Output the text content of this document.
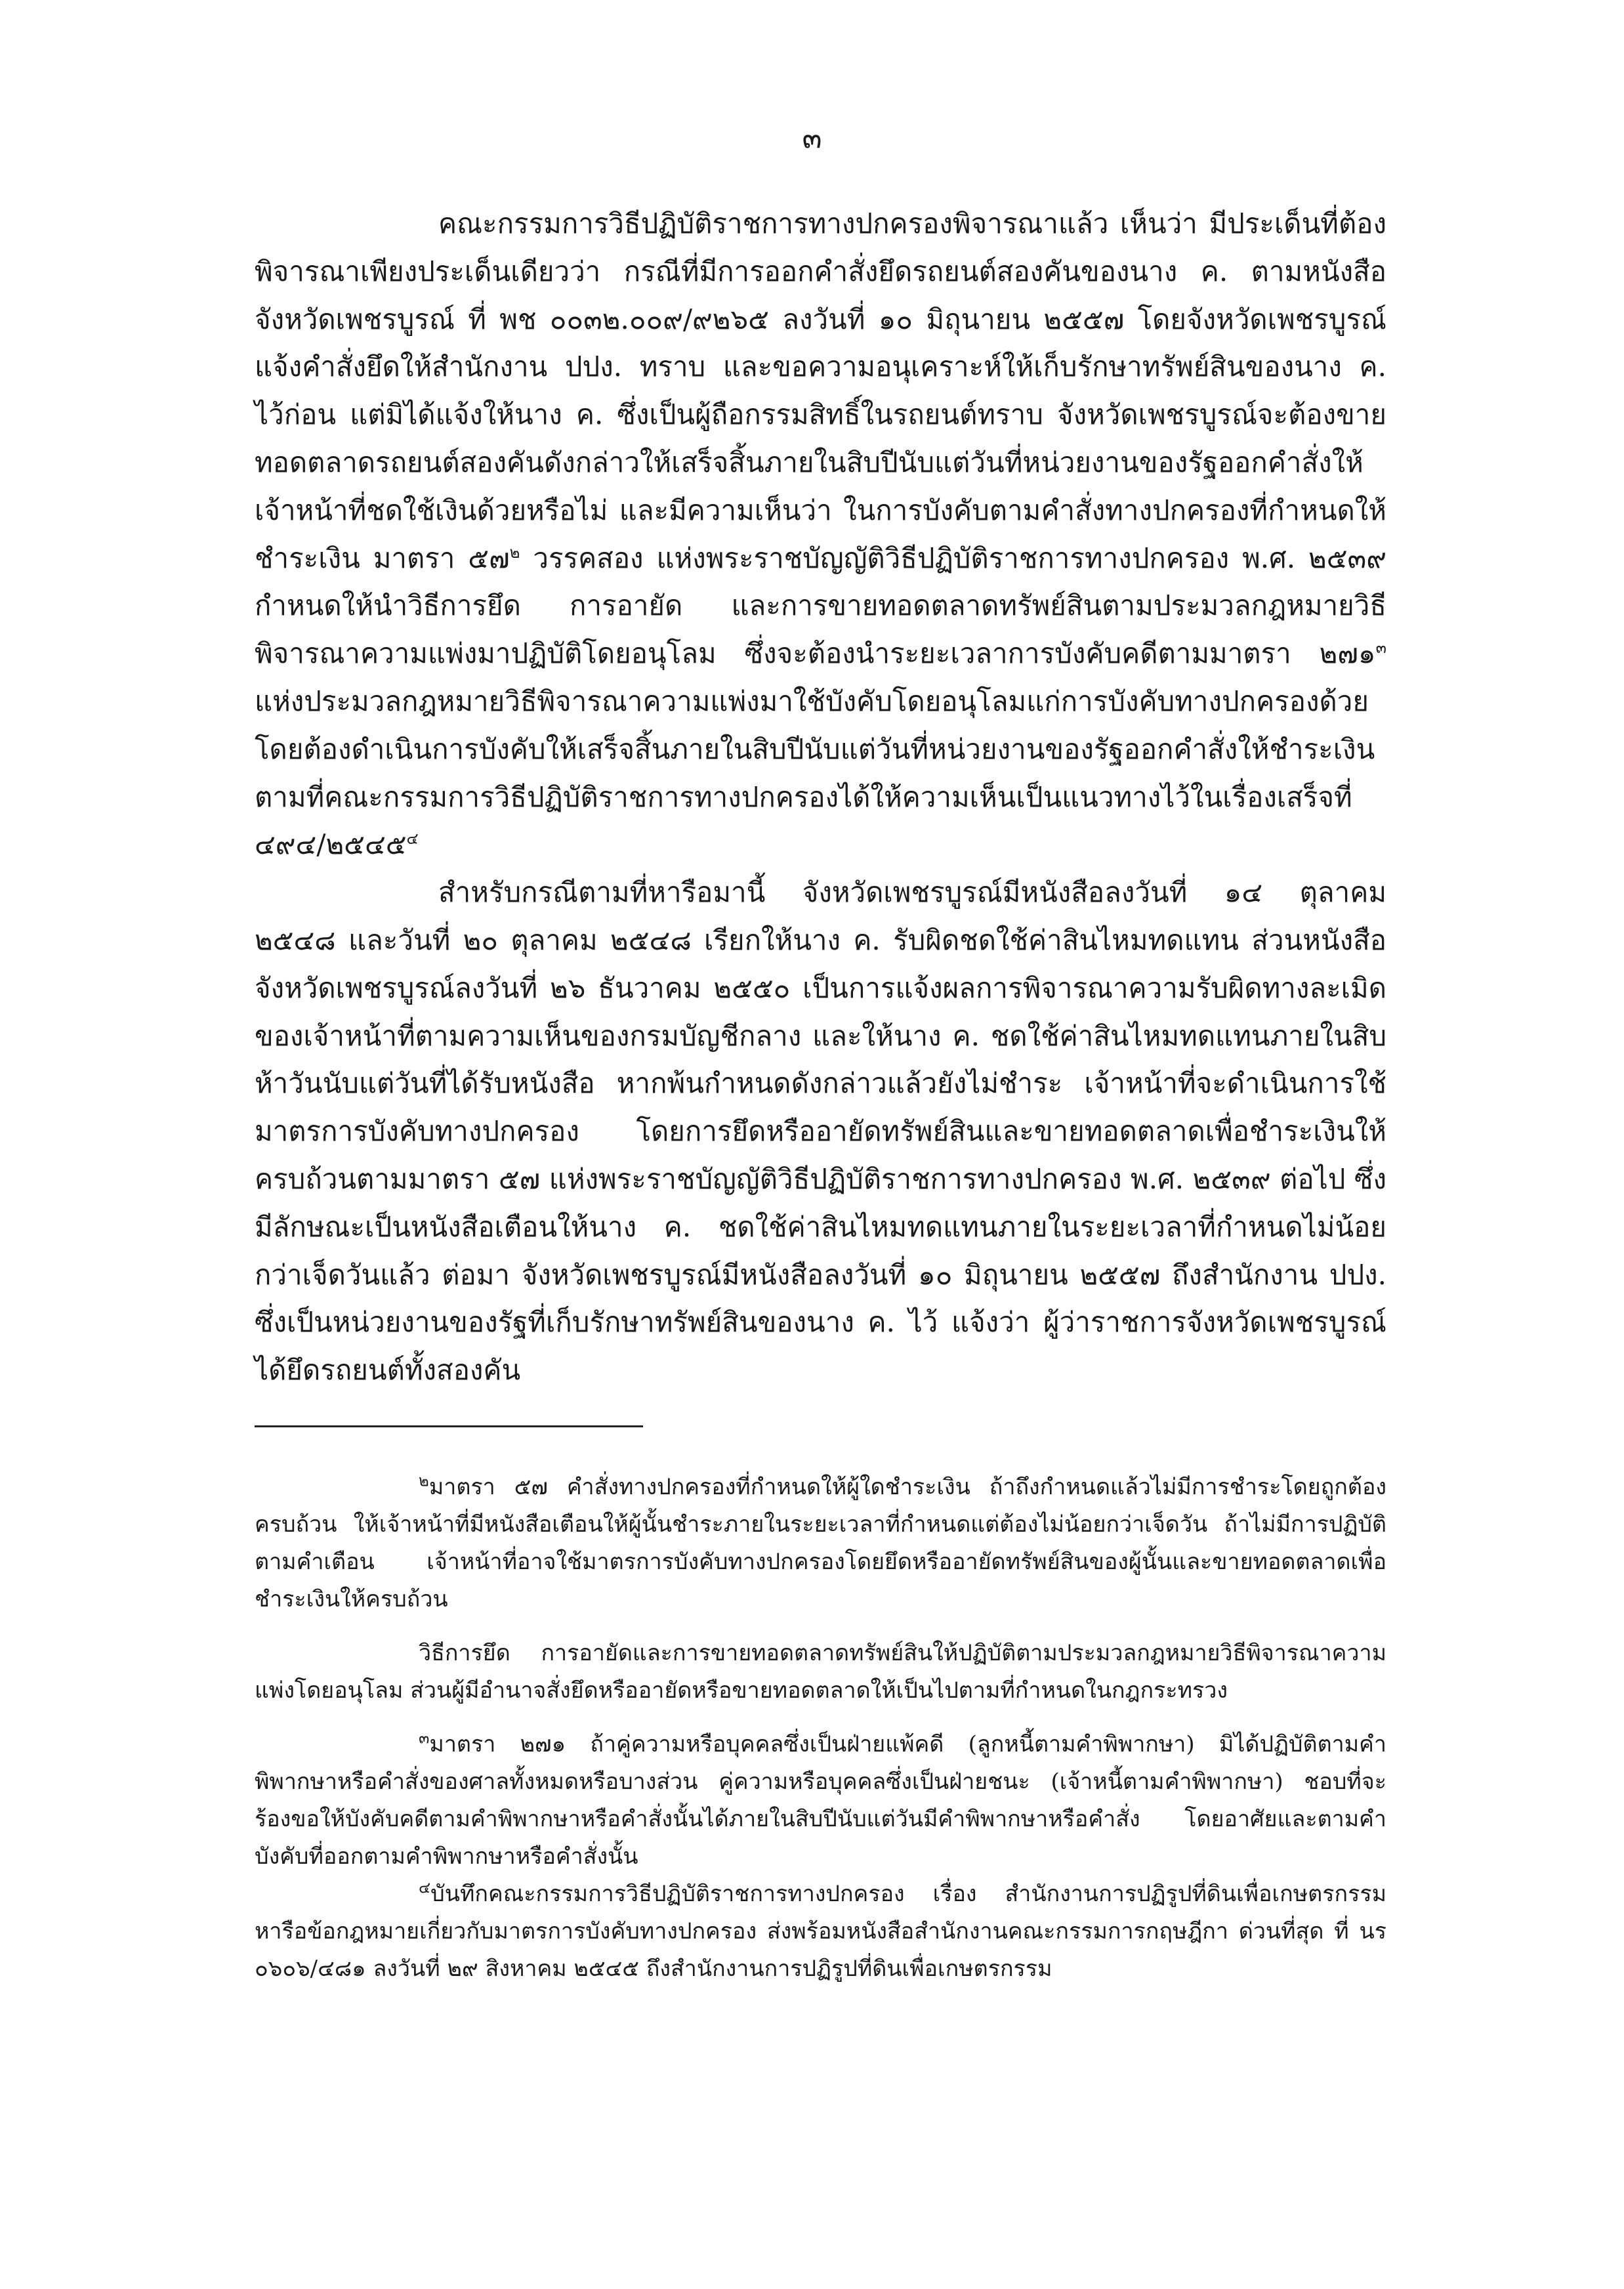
๓

คณะกรรมการวิธีปฏิบัติราชการทางปกครองพิจารณาแล้ว เห็นว่า มีประเด็นที่ต้องพิจารณาเพียงประเด็นเดียวว่า กรณีที่มีการออกคำสั่งยึดรถยนต์สองคันของนาง ค. ตามหนังสือจังหวัดเพชรบูรณ์ ที่ พช ๐๐๓๒.๐๐๙/๙๒๖๕ ลงวันที่ ๑๐ มิถุนายน ๒๕๕๗ โดยจังหวัดเพชรบูรณ์แจ้งคำสั่งยึดให้สำนักงาน ปปง. ทราบ และขอความอนุเคราะห์ให้เก็บรักษาทรัพย์สินของนาง ค. ไว้ก่อน แต่มิได้แจ้งให้นาง ค. ซึ่งเป็นผู้ถือกรรมสิทธิ์ในรถยนต์ทราบ จังหวัดเพชรบูรณ์จะต้องขายทอดตลาดรถยนต์สองคันดังกล่าวให้เสร็จสิ้นภายในสิบปีนับแต่วันที่หน่วยงานของรัฐออกคำสั่งให้เจ้าหน้าที่ชดใช้เงินด้วยหรือไม่ และมีความเห็นว่า ในการบังคับตามคำสั่งทางปกครองที่กำหนดให้ชำระเงิน มาตรา ๕๗$^๒$ วรรคสอง แห่งพระราชบัญญัติวิธีปฏิบัติราชการทางปกครอง พ.ศ. ๒๕๓๙ กำหนดให้นำวิธีการยึด การอายัด และการขายทอดตลาดทรัพย์สินตามประมวลกฎหมายวิธีพิจารณาความแพ่งมาปฏิบัติโดยอนุโลม ซึ่งจะต้องนำระยะเวลาการบังคับคดีตามมาตรา ๒๗๑$^๓$ แห่งประมวลกฎหมายวิธีพิจารณาความแพ่งมาใช้บังคับโดยอนุโลมแก่การบังคับทางปกครองด้วย โดยต้องดำเนินการบังคับให้เสร็จสิ้นภายในสิบปีนับแต่วันที่หน่วยงานของรัฐออกคำสั่งให้ชำระเงิน ตามที่คณะกรรมการวิธีปฏิบัติราชการทางปกครองได้ให้ความเห็นเป็นแนวทางไว้ในเรื่องเสร็จที่ ๔๙๔/๒๕๔๕$^๔$

สำหรับกรณีตามที่หารือมานี้ จังหวัดเพชรบูรณ์มีหนังสือลงวันที่ ๑๔ ตุลาคม ๒๕๔๘ และวันที่ ๒๐ ตุลาคม ๒๕๔๘ เรียกให้นาง ค. รับผิดชดใช้ค่าสินไหมทดแทน ส่วนหนังสือจังหวัดเพชรบูรณ์ลงวันที่ ๒๖ ธันวาคม ๒๕๕๐ เป็นการแจ้งผลการพิจารณาความรับผิดทางละเมิดของเจ้าหน้าที่ตามความเห็นของกรมบัญชีกลาง และให้นาง ค. ชดใช้ค่าสินไหมทดแทนภายในสิบห้าวันนับแต่วันที่ได้รับหนังสือ หากพ้นกำหนดดังกล่าวแล้วยังไม่ชำระ เจ้าหน้าที่จะดำเนินการใช้มาตรการบังคับทางปกครอง โดยการยึดหรืออายัดทรัพย์สินและขายทอดตลาดเพื่อชำระเงินให้ครบถ้วนตามมาตรา ๕๗ แห่งพระราชบัญญัติวิธีปฏิบัติราชการทางปกครอง พ.ศ. ๒๕๓๙ ต่อไป ซึ่งมีลักษณะเป็นหนังสือเตือนให้นาง ค. ชดใช้ค่าสินไหมทดแทนภายในระยะเวลาที่กำหนดไม่น้อยกว่าเจ็ดวันแล้ว ต่อมา จังหวัดเพชรบูรณ์มีหนังสือลงวันที่ ๑๐ มิถุนายน ๒๕๕๗ ถึงสำนักงาน ปปง. ซึ่งเป็นหน่วยงานของรัฐที่เก็บรักษาทรัพย์สินของนาง ค. ไว้ แจ้งว่า ผู้ว่าราชการจังหวัดเพชรบูรณ์ได้ยึดรถยนต์ทั้งสองคัน

$^๒$มาตรา ๕๗ คำสั่งทางปกครองที่กำหนดให้ผู้ใดชำระเงิน ถ้าถึงกำหนดแล้วไม่มีการชำระโดยถูกต้องครบถ้วน ให้เจ้าหน้าที่มีหนังสือเตือนให้ผู้นั้นชำระภายในระยะเวลาที่กำหนดแต่ต้องไม่น้อยกว่าเจ็ดวัน ถ้าไม่มีการปฏิบัติตามคำเตือน เจ้าหน้าที่อาจใช้มาตรการบังคับทางปกครองโดยยึดหรืออายัดทรัพย์สินของผู้นั้นและขายทอดตลาดเพื่อชำระเงินให้ครบถ้วน

วิธีการยึด การอายัดและการขายทอดตลาดทรัพย์สินให้ปฏิบัติตามประมวลกฎหมายวิธีพิจารณาความแพ่งโดยอนุโลม ส่วนผู้มีอำนาจสั่งยึดหรืออายัดหรือขายทอดตลาดให้เป็นไปตามที่กำหนดในกฎกระทรวง

$^๓$มาตรา ๒๗๑ ถ้าคู่ความหรือบุคคลซึ่งเป็นฝ่ายแพ้คดี (ลูกหนี้ตามคำพิพากษา) มิได้ปฏิบัติตามคำพิพากษาหรือคำสั่งของศาลทั้งหมดหรือบางส่วน คู่ความหรือบุคคลซึ่งเป็นฝ่ายชนะ (เจ้าหนี้ตามคำพิพากษา) ชอบที่จะร้องขอให้บังคับคดีตามคำพิพากษาหรือคำสั่งนั้นได้ภายในสิบปีนับแต่วันมีคำพิพากษาหรือคำสั่ง โดยอาศัยและตามคำบังคับที่ออกตามคำพิพากษาหรือคำสั่งนั้น

$^๔$บันทึกคณะกรรมการวิธีปฏิบัติราชการทางปกครอง เรื่อง สำนักงานการปฏิรูปที่ดินเพื่อเกษตรกรรมหารือข้อกฎหมายเกี่ยวกับมาตรการบังคับทางปกครอง ส่งพร้อมหนังสือสำนักงานคณะกรรมการกฤษฎีกา ด่วนที่สุด ที่ นร ๐๖๐๖/๔๘๑ ลงวันที่ ๒๙ สิงหาคม ๒๕๔๕ ถึงสำนักงานการปฏิรูปที่ดินเพื่อเกษตรกรรม
